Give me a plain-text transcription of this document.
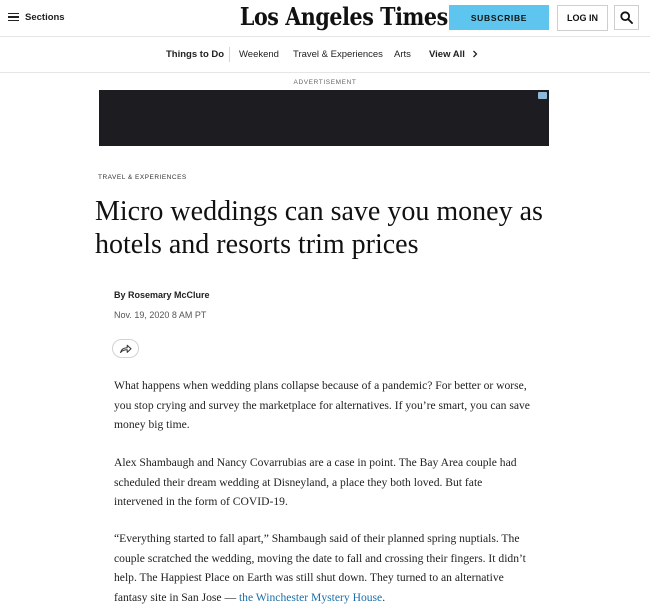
Sections	Los Angeles Times	SUBSCRIBE	LOG IN
Things to Do Weekend Travel & Experiences Arts View All
ADVERTISEMENT
TRAVEL & EXPERIENCES
Micro weddings can save you money as hotels and resorts trim prices
By Rosemary McClure
Nov. 19, 2020 8 AM PT

What happens when wedding plans collapse because of a pandemic? For better or worse, you stop crying and survey the marketplace for alternatives. If you’re smart, you can save money big time.

Alex Shambaugh and Nancy Covarrubias are a case in point. The Bay Area couple had scheduled their dream wedding at Disneyland, a place they both loved. But fate intervened in the form of COVID-19.

“Everything started to fall apart,” Shambaugh said of their planned spring nuptials. The couple scratched the wedding, moving the date to fall and crossing their fingers. It didn’t help. The Happiest Place on Earth was still shut down. They turned to an alternative fantasy site in San Jose — the Winchester Mystery House.
